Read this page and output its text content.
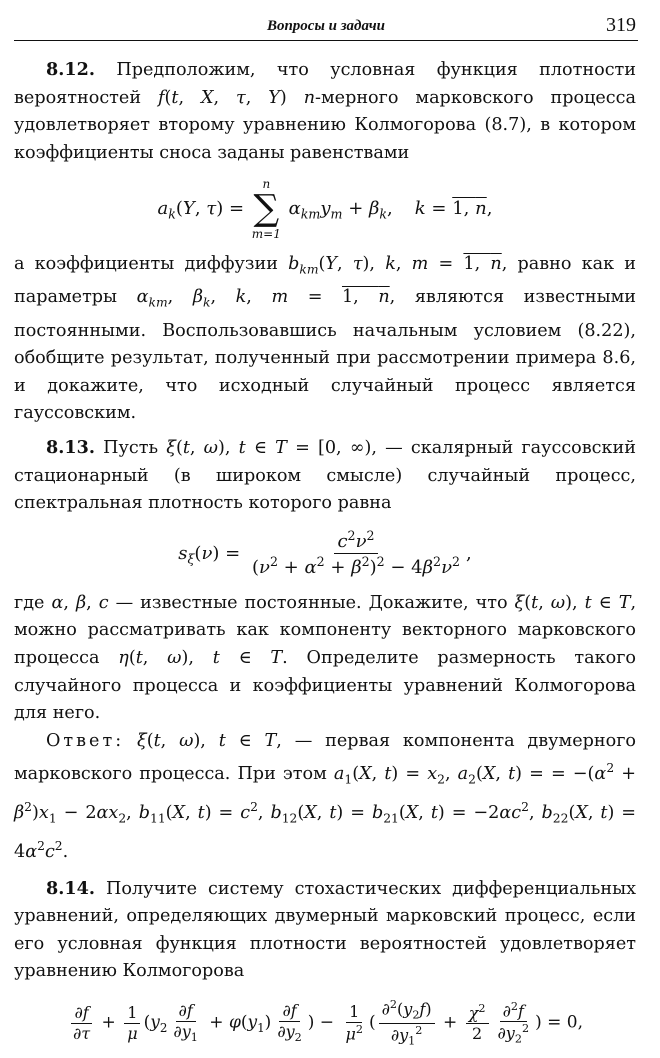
Вопросы и задачи	319

8.12. Предположим, что условная функция плотности вероятностей f(t, X, τ, Y) n-мерного марковского процесса удовлетворяет второму уравнению Колмогорова (8.7), в котором коэффициенты сноса заданы равенствами

$a_k(Y$, τ) =
n
∑
m=1
$\alpha_{km}y_m + \beta_k$, k = 1, n,

а коэффициенты диффузии $b_{km}(Y$, τ), k, m = 1, n, равно как и параметры $\alpha_{km}$, $\beta_k$, k, m = 1, n, являются известными постоянными. Воспользовавшись начальным условием (8.22), обобщите результат, полученный при рассмотрении примера 8.6, и докажите, что исходный случайный процесс является гауссовским.

8.13. Пусть ξ(t, ω), t ∈ T = [0, ∞), — скалярный гауссовский стационарный (в широком смысле) случайный процесс, спектральная плотность которого равна

$s_\xi(\nu) = \frac{c^2\nu^2}{(\nu^2 + \alpha^2 + \beta^2)^2 - 4\beta^2\nu^2}$ ,

где α, β, c — известные постоянные. Докажите, что ξ(t, ω), t ∈ T, можно рассматривать как компоненту векторного марковского процесса η(t, ω), t ∈ T. Определите размерность такого случайного процесса и коэффициенты уравнений Колмогорова для него.

Ответ: ξ(t, ω), t ∈ T, — первая компонента двумерного марковского процесса. При этом $a_1(X$, $t) = x_2$, $a_2(X$, t) = = $-(\alpha^2 + \beta^2)x_1 - 2\alpha x_2$, $b_{11}(X$, $t) = c^2$, $b_{12}(X$, $t) = b_{21}(X$, $t) = -2\alpha c^2$, $b_{22}(X$, $t) = 4\alpha^2c^2$.

8.14. Получите систему стохастических дифференциальных уравнений, определяющих двумерный марковский процесс, если его условная функция плотности вероятностей удовлетворяет уравнению Колмогорова

$\frac{\partial f}{\partial\tau} + \frac{1}{\mu} (y_2 \frac{\partial f}{\partial y_1} + \varphi(y_1) \frac{\partial f}{\partial y_2}$ ) − $\frac{1}{\mu^2}$ ( $\frac{\partial^2(y_2f)}{\partial y_1^2} + \frac{\chi^2}{2} \frac{\partial^2f}{\partial y_2^2}$ ) = 0,
